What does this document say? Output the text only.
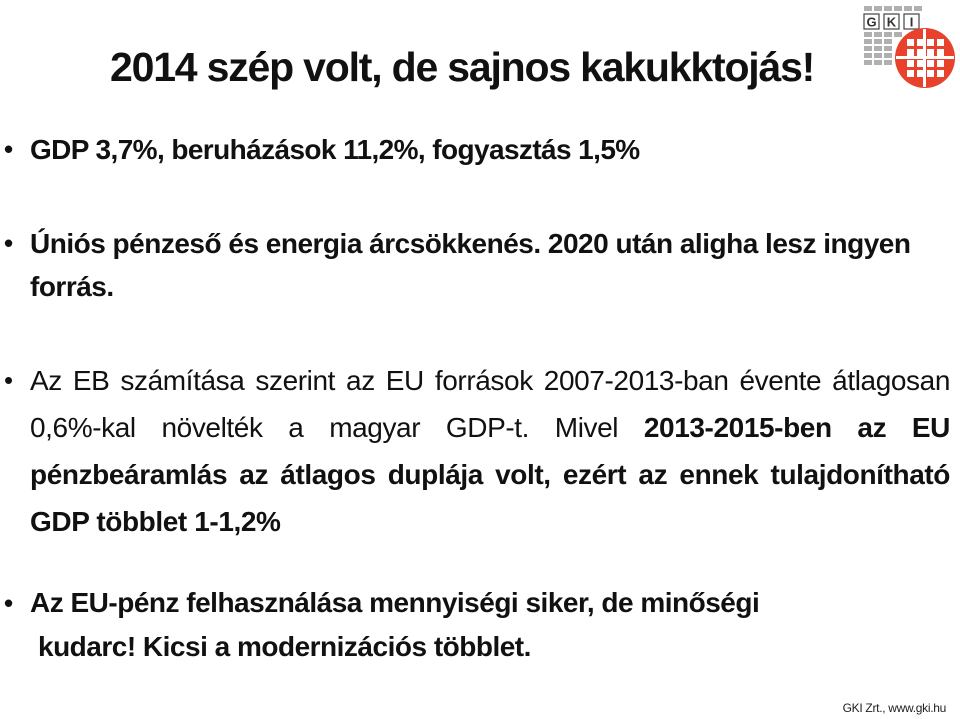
2014 szép volt, de sajnos kakukktojás!
G K I
• GDP 3,7%, beruházások 11,2%, fogyasztás 1,5%
• Úniós pénzeső és energia árcsökkenés. 2020 után aligha lesz ingyen forrás.
• Az EB számítása szerint az EU források 2007-2013-ban évente átlagosan 0,6%-kal növelték a magyar GDP-t. Mivel 2013-2015-ben az EU pénzbeáramlás az átlagos duplája volt, ezért az ennek tulajdonítható GDP többlet 1-1,2%
• Az EU-pénz felhasználása mennyiségi siker, de minőségi
kudarc! Kicsi a modernizációs többlet.
GKI Zrt., www.gki.hu
